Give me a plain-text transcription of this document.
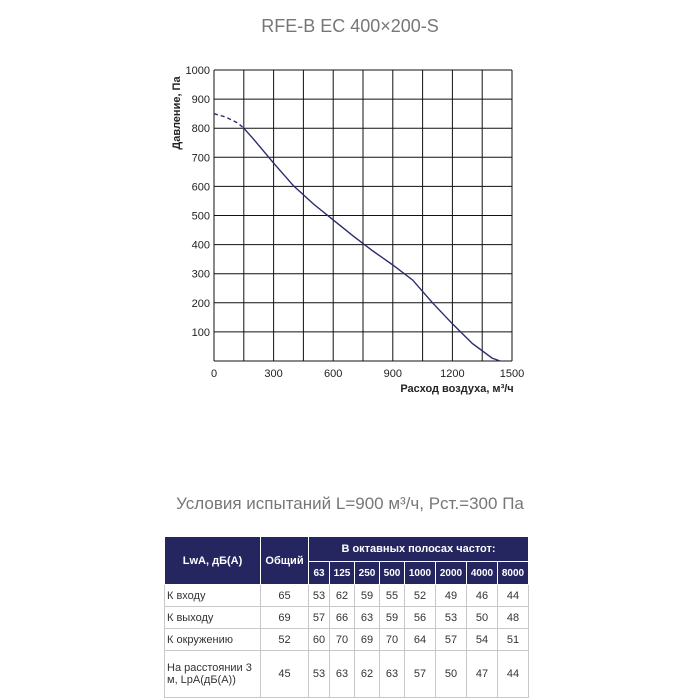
RFE-B EC 400×200-S
0	300	600	900	1200	1500
100
200
300
400
500
600
700
800
900
1000
Расход воздуха, м³/ч
Давление, Па
Условия испытаний L=900 м³/ч, Рст.=300 Па
LwA, дБ(А)	Общий	В октавных полосах частот:							
		63	125	250	500	1000	2000	4000	8000
К входу	65	53	62	59	55	52	49	46	44
К выходу	69	57	66	63	59	56	53	50	48
К окружению	52	60	70	69	70	64	57	54	51
На расстоянии 3 м, LpA(дБ(А))	45	53	63	62	63	57	50	47	44
